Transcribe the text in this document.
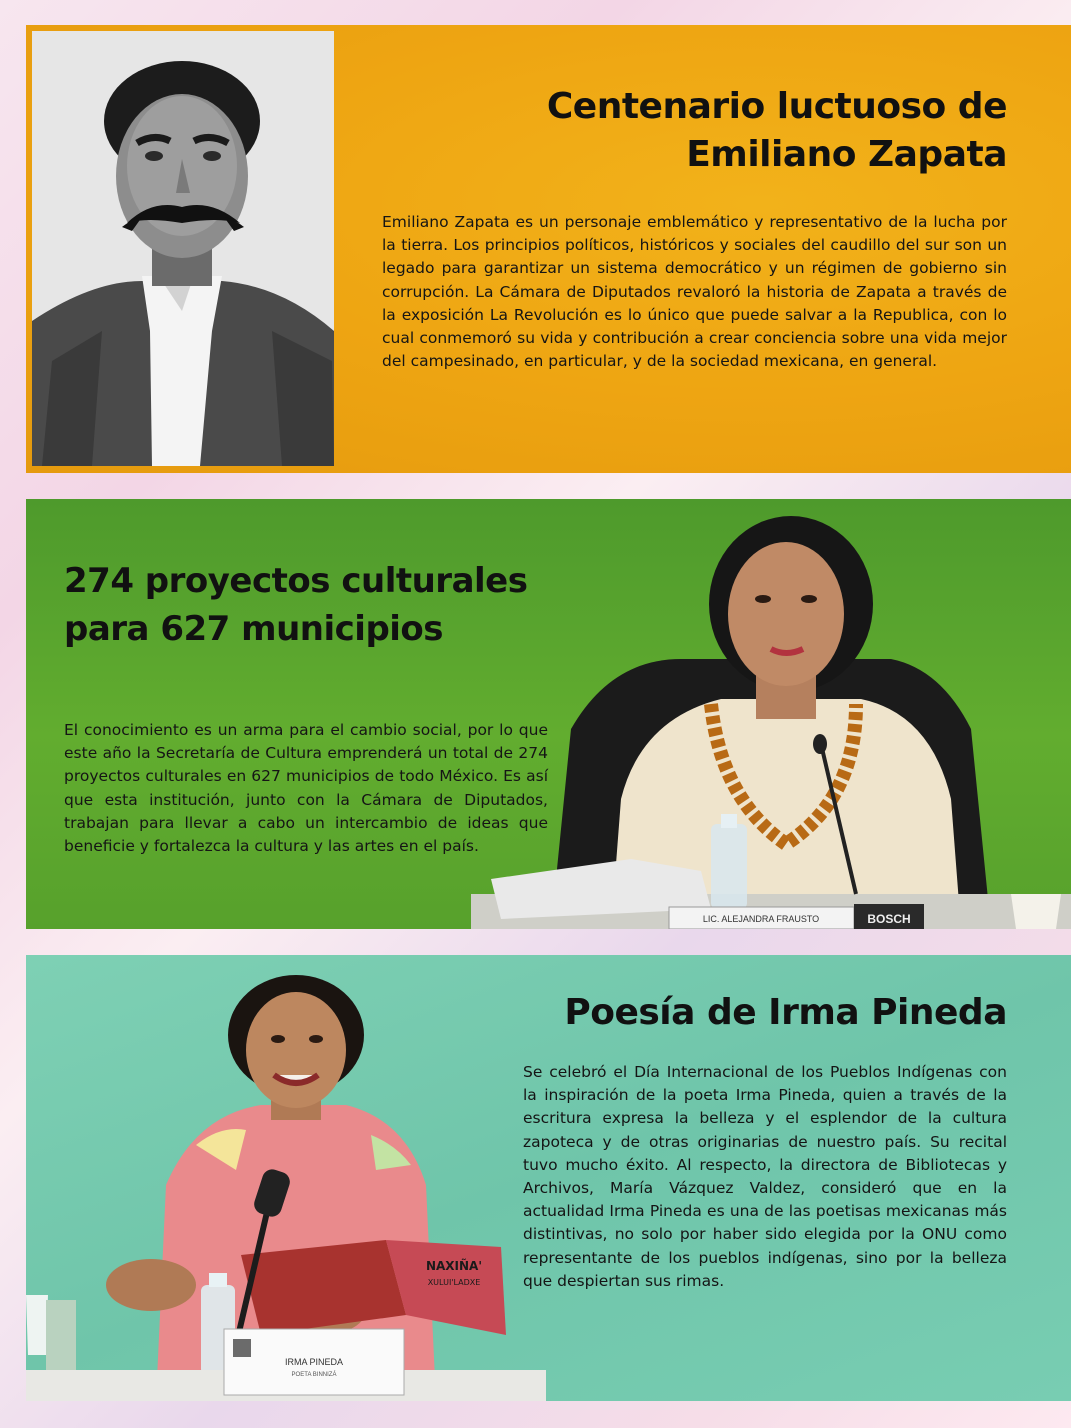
Centenario luctuoso de
Emiliano Zapata

Emiliano Zapata es un personaje emblemático y representativo de la lucha por la tierra. Los principios políticos, históricos y sociales del caudillo del sur son un legado para garantizar un sistema democrático y un régimen de gobierno sin corrupción. La Cámara de Diputados revaloró la historia de Zapata a través de la exposición La Revolución es lo único que puede salvar a la Republica, con lo cual conmemoró su vida y contribución a crear conciencia sobre una vida mejor del campesinado, en particular, y de la sociedad mexicana, en general.

274 proyectos culturales
para 627 municipios

El conocimiento es un arma para el cambio social, por lo que este año la Secretaría de Cultura emprenderá un total de 274 proyectos culturales en 627 municipios de todo México. Es así que esta institución, junto con la Cámara de Diputados, trabajan para llevar a cabo un intercambio de ideas que beneficie y fortalezca la cultura y las artes en el país.

LIC. ALEJANDRA FRAUSTO	BOSCH
NAXIÑA'
XULUI'LADXE
IRMA PINEDA
POETA BINNIZÁ
Poesía de Irma Pineda

Se celebró el Día Internacional de los Pueblos Indígenas con la inspiración de la poeta Irma Pineda, quien a través de la escritura expresa la belleza y el esplendor de la cultura zapoteca y de otras originarias de nuestro país. Su recital tuvo mucho éxito. Al respecto, la directora de Bibliotecas y Archivos, María Vázquez Valdez, consideró que en la actualidad Irma Pineda es una de las poetisas mexicanas más distintivas, no solo por haber sido elegida por la ONU como representante de los pueblos indígenas, sino por la belleza que despiertan sus rimas.
